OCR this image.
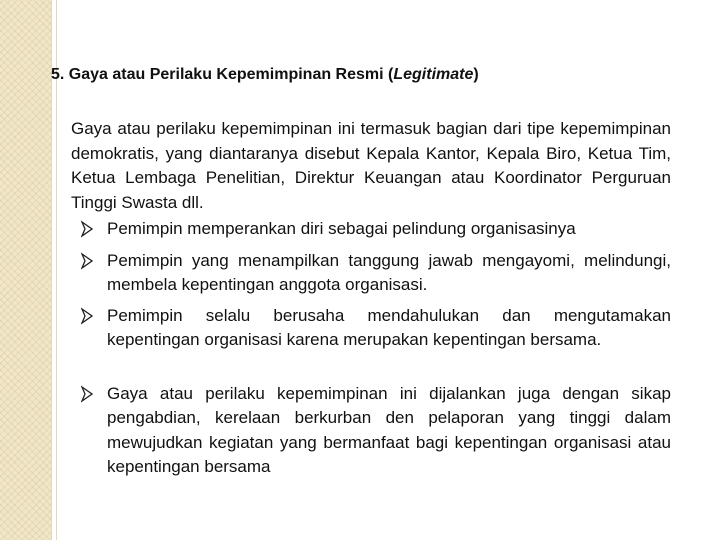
5. Gaya atau Perilaku Kepemimpinan Resmi (Legitimate)

Gaya atau perilaku kepemimpinan ini termasuk bagian dari tipe kepemimpinan demokratis, yang diantaranya disebut Kepala Kantor, Kepala Biro, Ketua Tim, Ketua Lembaga Penelitian, Direktur Keuangan atau Koordinator Perguruan Tinggi Swasta dll.

Pemimpin memperankan diri sebagai pelindung organisasinya
Pemimpin yang menampilkan tanggung jawab mengayomi, melindungi, membela kepentingan anggota organisasi.
Pemimpin selalu berusaha mendahulukan dan mengutamakan kepentingan organisasi karena merupakan kepentingan bersama.
Gaya atau perilaku kepemimpinan ini dijalankan juga dengan sikap pengabdian, kerelaan berkurban den pelaporan yang tinggi dalam mewujudkan kegiatan yang bermanfaat bagi kepentingan organisasi atau kepentingan bersama
